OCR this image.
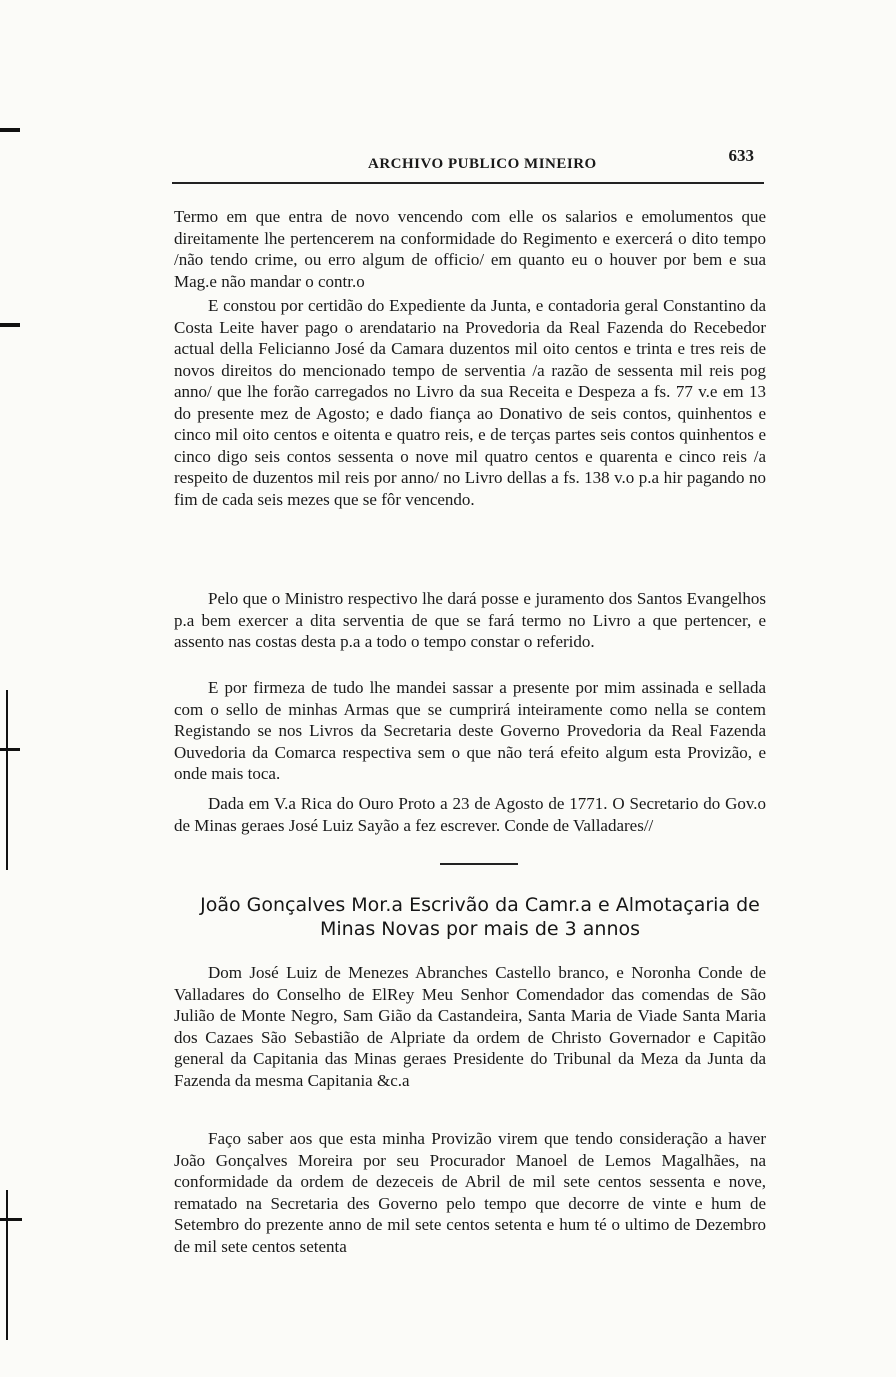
ARCHIVO PUBLICO MINEIRO	633

Termo em que entra de novo vencendo com elle os salarios e emolumentos que direitamente lhe pertencerem na conformidade do Regimento e exercerá o dito tempo /não tendo crime, ou erro algum de officio/ em quanto eu o houver por bem e sua Mag.e não mandar o contr.o

E constou por certidão do Expediente da Junta, e contadoria geral Constantino da Costa Leite haver pago o arendatario na Provedoria da Real Fazenda do Recebedor actual della Felicianno José da Camara duzentos mil oito centos e trinta e tres reis de novos direitos do mencionado tempo de serventia /a razão de sessenta mil reis pog anno/ que lhe forão carregados no Livro da sua Receita e Despeza a fs. 77 v.e em 13 do presente mez de Agosto; e dado fiança ao Donativo de seis contos, quinhentos e cinco mil oito centos e oitenta e quatro reis, e de terças partes seis contos quinhentos e cinco digo seis contos sessenta o nove mil quatro centos e quarenta e cinco reis /a respeito de duzentos mil reis por anno/ no Livro dellas a fs. 138 v.o p.a hir pagando no fim de cada seis mezes que se fôr vencendo.

Pelo que o Ministro respectivo lhe dará posse e juramento dos Santos Evangelhos p.a bem exercer a dita serventia de que se fará termo no Livro a que pertencer, e assento nas costas desta p.a a todo o tempo constar o referido.

E por firmeza de tudo lhe mandei sassar a presente por mim assinada e sellada com o sello de minhas Armas que se cumprirá inteiramente como nella se contem Registando se nos Livros da Secretaria deste Governo Provedoria da Real Fazenda Ouvedoria da Comarca respectiva sem o que não terá efeito algum esta Provizão, e onde mais toca.

Dada em V.a Rica do Ouro Proto a 23 de Agosto de 1771. O Secretario do Gov.o de Minas geraes José Luiz Sayão a fez escrever. Conde de Valladares//

João Gonçalves Mor.a Escrivão da Camr.a e Almotaçaria de
Minas Novas por mais de 3 annos

Dom José Luiz de Menezes Abranches Castello branco, e Noronha Conde de Valladares do Conselho de ElRey Meu Senhor Comendador das comendas de São Julião de Monte Negro, Sam Gião da Castandeira, Santa Maria de Viade Santa Maria dos Cazaes São Sebastião de Alpriate da ordem de Christo Governador e Capitão general da Capitania das Minas geraes Presidente do Tribunal da Meza da Junta da Fazenda da mesma Capitania &c.a

Faço saber aos que esta minha Provizão virem que tendo consideração a haver João Gonçalves Moreira por seu Procurador Manoel de Lemos Magalhães, na conformidade da ordem de dezeceis de Abril de mil sete centos sessenta e nove, rematado na Secretaria des Governo pelo tempo que decorre de vinte e hum de Setembro do prezente anno de mil sete centos setenta e hum té o ultimo de Dezembro de mil sete centos setenta
